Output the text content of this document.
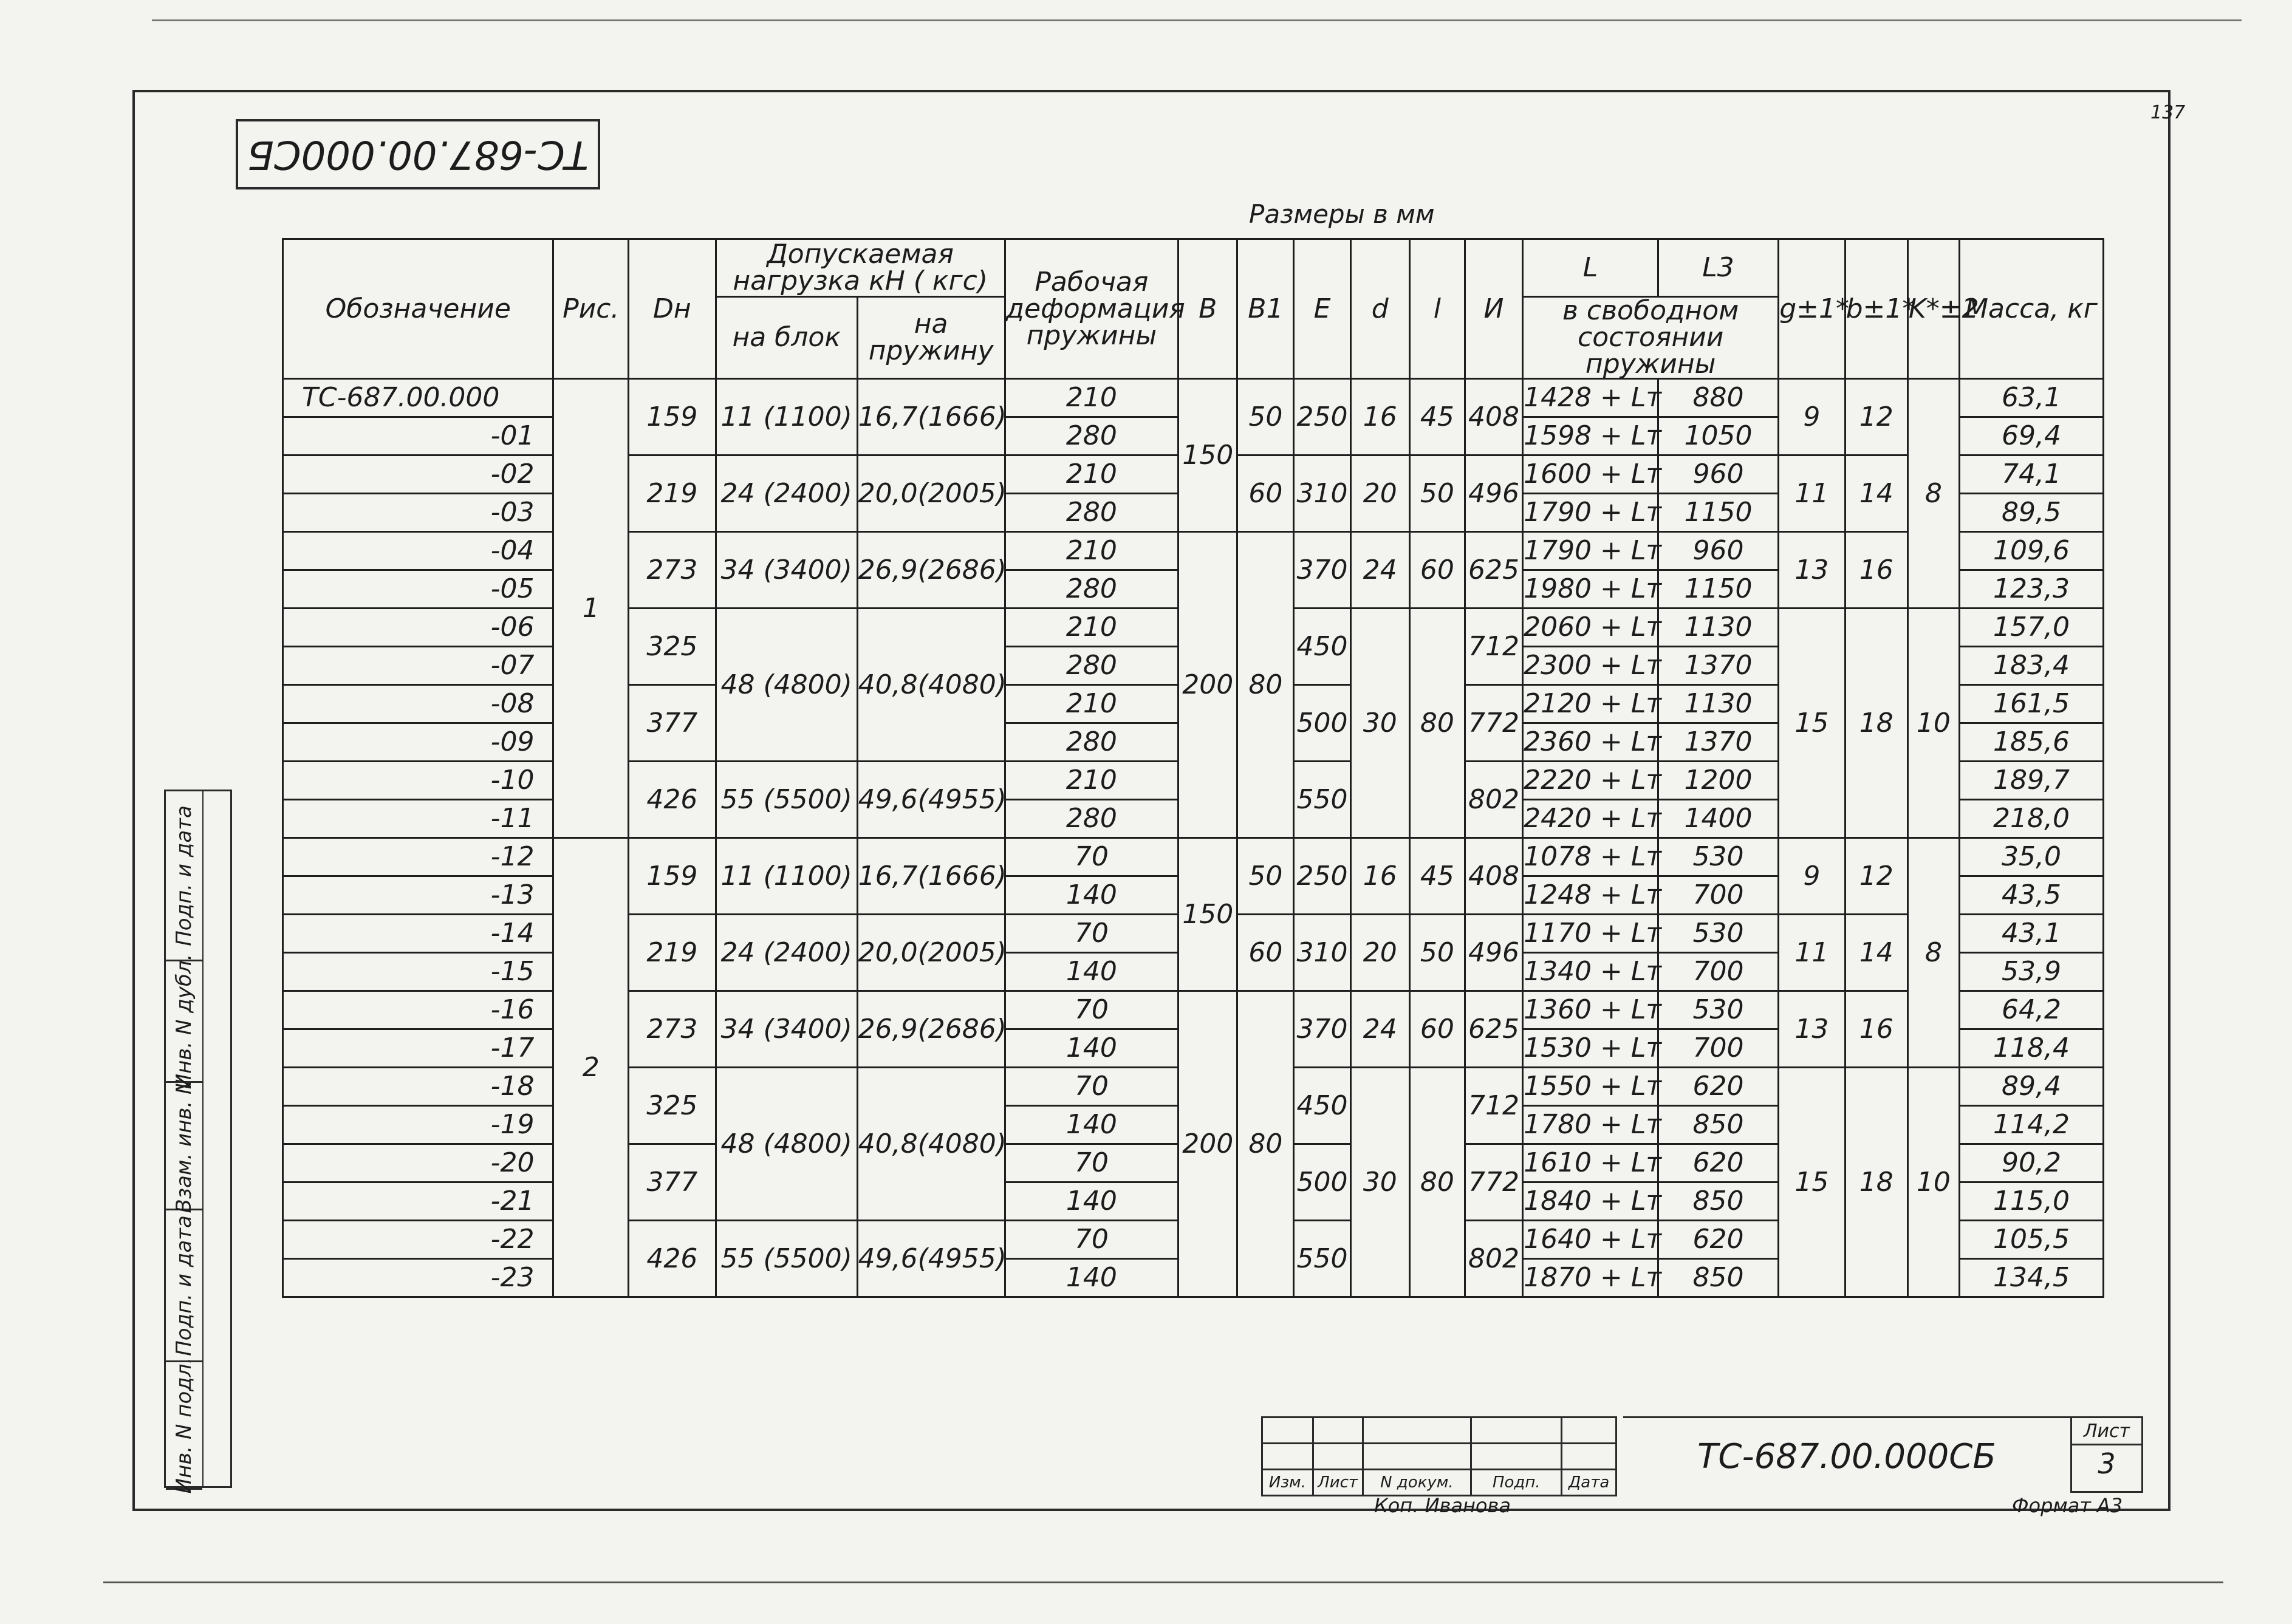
ТС-687.00.000СБ
137
Размеры в мм
Обозначение	Рис.	Dн	Допускаемая нагрузка кН ( кгс)		Рабочая деформация пружины	B	B1	E	d	l	И	L	L3	g±1*	b±1*	K*±2	Масса, кг
			на блок	на пружину								в свободном состоянии пружины					
ТС-687.00.000	1	159	11 (1100)	16,7(1666)	210	150	50	250	16	45	408	1428 + Lт	880	9	12	8	63,1
-01					280							1598 + Lт	1050				69,4
-02		219	24 (2400)	20,0(2005)	210		60	310	20	50	496	1600 + Lт	960	11	14		74,1
-03					280							1790 + Lт	1150				89,5
-04		273	34 (3400)	26,9(2686)	210	200	80	370	24	60	625	1790 + Lт	960	13	16		109,6
-05					280							1980 + Lт	1150				123,3
-06		325	48 (4800)	40,8(4080)	210			450	30	80	712	2060 + Lт	1130	15	18	10	157,0
-07					280							2300 + Lт	1370				183,4
-08		377			210			500			772	2120 + Lт	1130				161,5
-09					280							2360 + Lт	1370				185,6
-10		426	55 (5500)	49,6(4955)	210			550			802	2220 + Lт	1200				189,7
-11					280							2420 + Lт	1400				218,0
-12	2	159	11 (1100)	16,7(1666)	70	150	50	250	16	45	408	1078 + Lт	530	9	12	8	35,0
-13					140							1248 + Lт	700				43,5
-14		219	24 (2400)	20,0(2005)	70		60	310	20	50	496	1170 + Lт	530	11	14		43,1
-15					140							1340 + Lт	700				53,9
-16		273	34 (3400)	26,9(2686)	70	200	80	370	24	60	625	1360 + Lт	530	13	16		64,2
-17					140							1530 + Lт	700				118,4
-18		325	48 (4800)	40,8(4080)	70			450	30	80	712	1550 + Lт	620	15	18	10	89,4
-19					140							1780 + Lт	850				114,2
-20		377			70			500			772	1610 + Lт	620				90,2
-21					140							1840 + Lт	850				115,0
-22		426	55 (5500)	49,6(4955)	70			550			802	1640 + Lт	620				105,5
-23					140							1870 + Lт	850				134,5
Инв. N подл.
Подп. и дата
Взам. инв. N
Инв. N дубл.
Подп. и дата

Изм.	Лист	N докум.	Подп.	Дата
ТС-687.00.000СБ
Лист
3
Коп. Иванова	Формат А3
